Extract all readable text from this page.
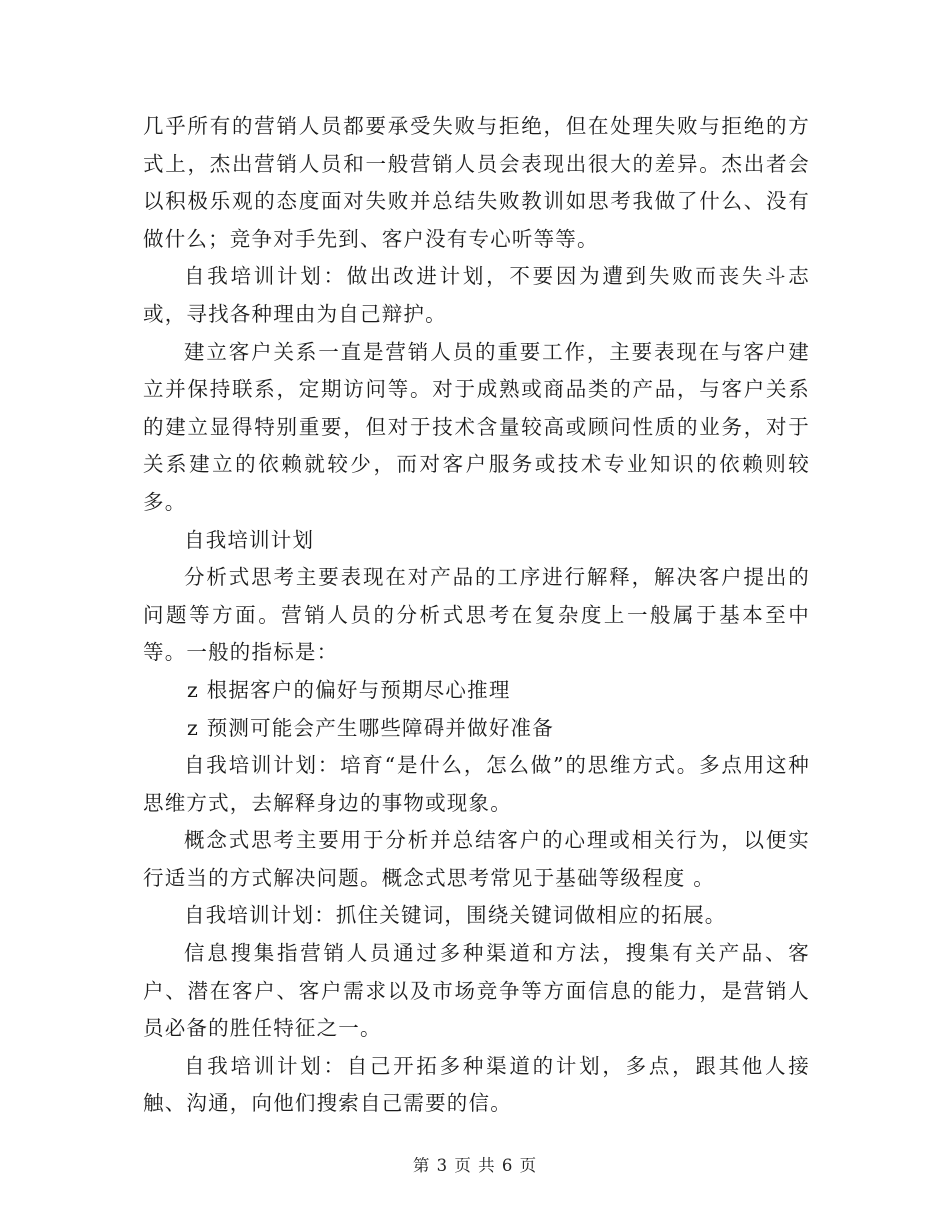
几乎所有的营销人员都要承受失败与拒绝，但在处理失败与拒绝的方式上，杰出营销人员和一般营销人员会表现出很大的差异。杰出者会以积极乐观的态度面对失败并总结失败教训如思考我做了什么、没有做什么；竞争对手先到、客户没有专心听等等。

自我培训计划：做出改进计划，不要因为遭到失败而丧失斗志或，寻找各种理由为自己辩护。

建立客户关系一直是营销人员的重要工作，主要表现在与客户建立并保持联系，定期访问等。对于成熟或商品类的产品，与客户关系的建立显得特别重要，但对于技术含量较高或顾问性质的业务，对于关系建立的依赖就较少，而对客户服务或技术专业知识的依赖则较多。

自我培训计划

分析式思考主要表现在对产品的工序进行解释，解决客户提出的问题等方面。营销人员的分析式思考在复杂度上一般属于基本至中等。一般的指标是：

z 根据客户的偏好与预期尽心推理

z 预测可能会产生哪些障碍并做好准备

自我培训计划：培育“是什么，怎么做”的思维方式。多点用这种思维方式，去解释身边的事物或现象。

概念式思考主要用于分析并总结客户的心理或相关行为，以便实行适当的方式解决问题。概念式思考常见于基础等级程度 。

自我培训计划：抓住关键词，围绕关键词做相应的拓展。

信息搜集指营销人员通过多种渠道和方法，搜集有关产品、客户、潜在客户、客户需求以及市场竞争等方面信息的能力，是营销人员必备的胜任特征之一。

自我培训计划：自己开拓多种渠道的计划，多点，跟其他人接触、沟通，向他们搜索自己需要的信。

第 3 页 共 6 页
